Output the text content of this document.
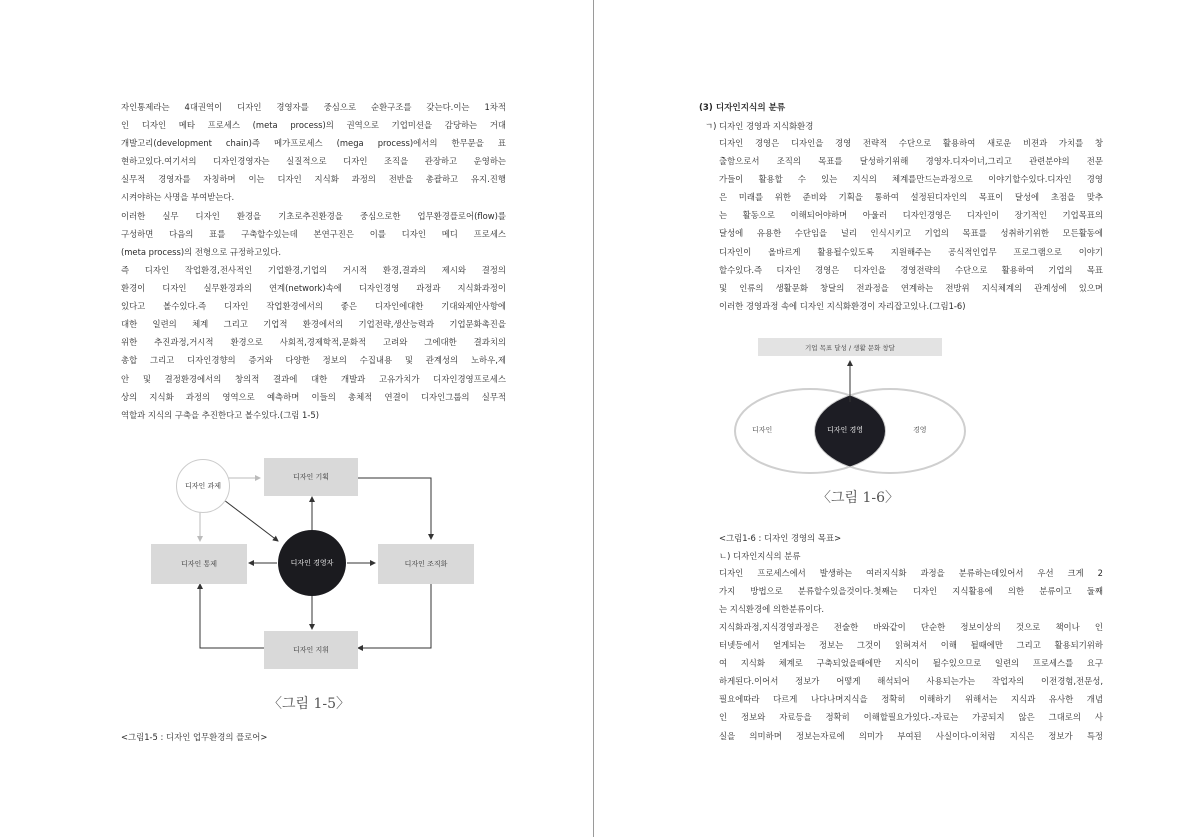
자인통제라는 4대권역이 디자인 경영자를 중심으로 순환구조를 갖는다.이는 1차적
인 디자인 메타 프로세스 (meta process)의 권역으로 기업미션을 감당하는 거대
개발고리(development chain)즉 메가프로세스 (mega process)에서의 한무문을 표
현하고있다.여기서의 디자인경영자는 실질적으로 디자인 조직을 관장하고 운영하는
실무적 경영자를 자칭하며 이는 디자인 지식화 과정의 전반을 총괄하고 유지.진행
시켜야하는 사명을 부여받는다.
이러한 실무 디자인 환경을 기초로추진환경을 중심으로한 업무환경플로어(flow)를
구성하면 다음의 표를 구축할수있는데 본연구진은 이를 디자인 메디 프로세스
(meta process)의 전형으로 규정하고있다.
즉 디자인 작업환경,전사적인 기업환경,기업의 거시적 환경,결과의 제시와 결정의
환경이 디자인 실무환경과의 연계(network)속에 디자인경영 과정과 지식화과정이
있다고 볼수있다.즉 디자인 작업환경에서의 좋은 디자인에대한 기대와제안사항에
대한 일련의 체계 그리고 기업적 환경에서의 기업전략,생산능력과 기업문화촉진을
위한 추진과정,거시적 환경으로 사회적,경제학적,문화적 고려와 그에대한 결과치의
총합 그리고 디자인경향의 증거와 다양한 정보의 수집내용 및 관계성의 노하우,제
안 및 결정환경에서의 창의적 결과에 대한 개발과 고유가치가 디자인경영프로세스
상의 지식화 과정의 영역으로 예측하며 이들의 총체적 연결이 디자인그룹의 실무적
역할과 지식의 구축을 추진한다고 볼수있다.(그림 1-5)
디자인 과제
디자인 기획
디자인 통제	디자인 경영자	디자인 조직화
디자인 지휘
〈그림 1-5〉
<그림1-5 : 디자인 업무환경의 플로어>
(3) 디자인지식의 분류
ㄱ) 디자인 경영과 지식화환경
디자인 경영은 디자인을 경영 전략적 수단으로 활용하여 새로운 비젼과 가치를 창
출함으로서 조직의 목표를 달성하기위해 경영자.디자이너,그리고 관련분야의 전문
가들이 활용할 수 있는 지식의 체계를만드는과정으로 이야기할수있다.디자인 경영
은 미래를 위한 준비와 기획을 통하여 설정된디자인의 목표이 달성에 초점을 맞추
는 활동으로 이해되어야하며 아울러 디자인경영은 디자인이 장기적인 기업목표의
달성에 유용한 수단임을 널리 인식시키고 기업의 목표를 성취하기위한 모든활동에
디자인이 올바르게 활용될수있도록 지원해주는 공식적인업무 프로그램으로 이야기
할수있다.즉 디자인 경영은 디자인을 경영전략의 수단으로 활용하여 기업의 목표
및 인류의 생활문화 창달의 전과정을 연계하는 전방위 지식체계의 관계성에 있으며
이러한 경영과정 속에 디자인 지식화환경이 자리잡고있나.(그림1-6)
기업 목표 달성 / 생활 문화 창달
디자인	디자인 경영	경영
〈그림 1-6〉
<그림1-6 : 디자인 경영의 목표>
ㄴ) 디자인지식의 분류
디자인 프로세스에서 발생하는 여러지식화 과정을 분류하는데있어서 우선 크게 2
가지 방법으로 분류할수있을것이다.첫째는 디자인 지식활용에 의한 분류이고 둘째
는 지식환경에 의한분류이다.
지식화과정,지식경영과정은 전술한 바와같이 단순한 정보이상의 것으로 책이나 인
터넷등에서 얻게되는 정보는 그것이 읽혀져서 이해 될때에만 그리고 활용되기위하
여 지식화 체계로 구축되었을때에만 지식이 될수있으므로 일련의 프로세스를 요구
하게된다.이어서 정보가 어떻게 해석되어 사용되는가는 작업자의 이전경험,전문성,
필요에따라 다르게 나다나며지식을 정확히 이해하기 위해서는 지식과 유사한 개념
인 정보와 자료등을 정확히 이해할필요가있다.-자료는 가공되지 않은 그대로의 사
실을 의미하며 정보는자료에 의미가 부여된 사실이다-이처럼 지식은 정보가 특정
